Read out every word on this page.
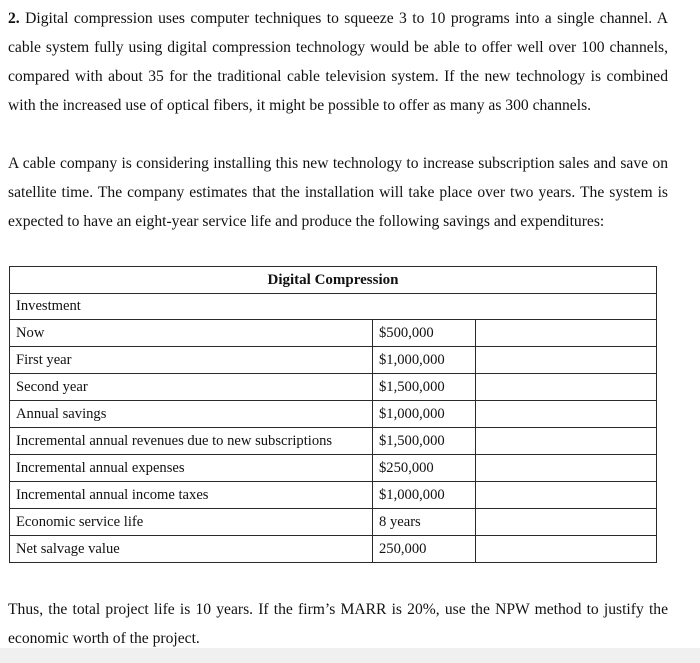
2. Digital compression uses computer techniques to squeeze 3 to 10 programs into a single channel. A cable system fully using digital compression technology would be able to offer well over 100 channels, compared with about 35 for the traditional cable television system. If the new technology is combined with the increased use of optical fibers, it might be possible to offer as many as 300 channels.

A cable company is considering installing this new technology to increase subscription sales and save on satellite time. The company estimates that the installation will take place over two years. The system is expected to have an eight-year service life and produce the following savings and expenditures:

Digital Compression		
Investment		
Now	$500,000	
First year	$1,000,000	
Second year	$1,500,000	
Annual savings	$1,000,000	
Incremental annual revenues due to new subscriptions	$1,500,000	
Incremental annual expenses	$250,000	
Incremental annual income taxes	$1,000,000	
Economic service life	8 years	
Net salvage value	250,000	

Thus, the total project life is 10 years. If the firm’s MARR is 20%, use the NPW method to justify the economic worth of the project.
